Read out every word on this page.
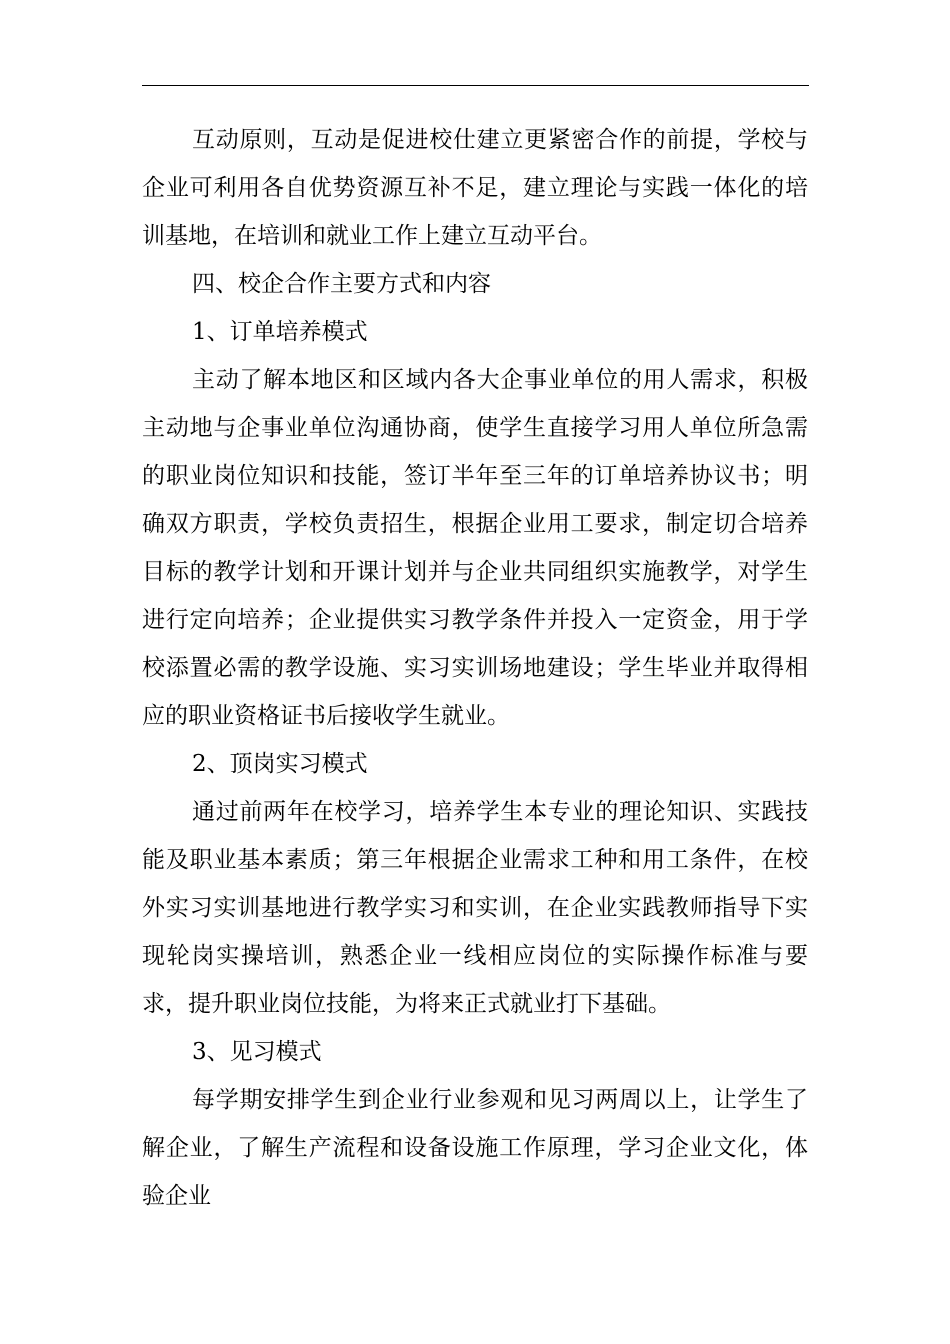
互动原则，互动是促进校仕建立更紧密合作的前提，学校与企业可利用各自优势资源互补不足，建立理论与实践一体化的培训基地，在培训和就业工作上建立互动平台。

四、校企合作主要方式和内容

1、订单培养模式

主动了解本地区和区域内各大企事业单位的用人需求，积极主动地与企事业单位沟通协商，使学生直接学习用人单位所急需的职业岗位知识和技能，签订半年至三年的订单培养协议书；明确双方职责，学校负责招生，根据企业用工要求，制定切合培养目标的教学计划和开课计划并与企业共同组织实施教学，对学生进行定向培养；企业提供实习教学条件并投入一定资金，用于学校添置必需的教学设施、实习实训场地建设；学生毕业并取得相应的职业资格证书后接收学生就业。

2、顶岗实习模式

通过前两年在校学习，培养学生本专业的理论知识、实践技能及职业基本素质；第三年根据企业需求工种和用工条件，在校外实习实训基地进行教学实习和实训，在企业实践教师指导下实现轮岗实操培训，熟悉企业一线相应岗位的实际操作标准与要求，提升职业岗位技能，为将来正式就业打下基础。

3、见习模式

每学期安排学生到企业行业参观和见习两周以上，让学生了解企业，了解生产流程和设备设施工作原理，学习企业文化，体验企业
